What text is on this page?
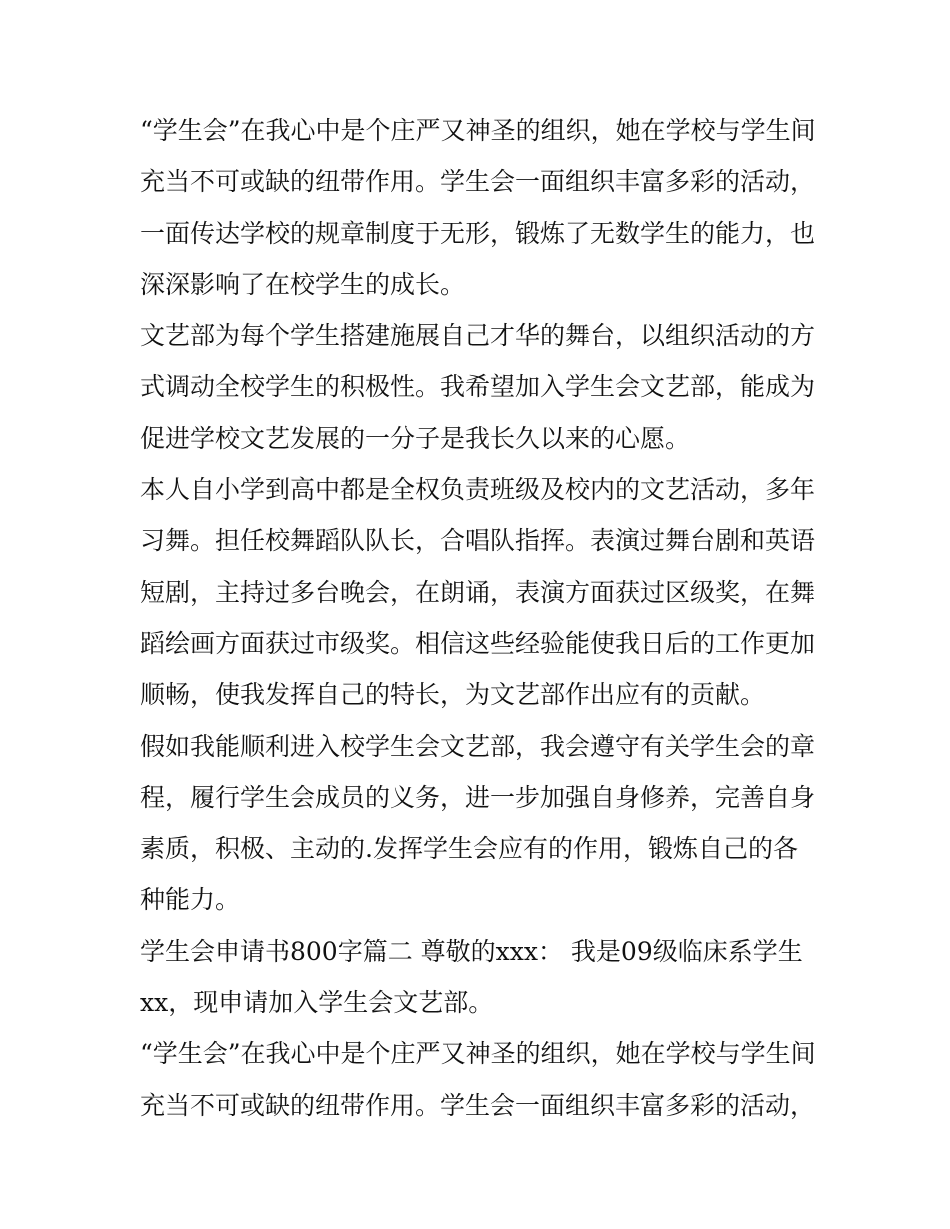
“学生会”在我心中是个庄严又神圣的组织，她在学校与学生间
充当不可或缺的纽带作用。学生会一面组织丰富多彩的活动，
一面传达学校的规章制度于无形，锻炼了无数学生的能力，也
深深影响了在校学生的成长。
文艺部为每个学生搭建施展自己才华的舞台，以组织活动的方
式调动全校学生的积极性。我希望加入学生会文艺部，能成为
促进学校文艺发展的一分子是我长久以来的心愿。
本人自小学到高中都是全权负责班级及校内的文艺活动，多年
习舞。担任校舞蹈队队长，合唱队指挥。表演过舞台剧和英语
短剧，主持过多台晚会，在朗诵，表演方面获过区级奖，在舞
蹈绘画方面获过市级奖。相信这些经验能使我日后的工作更加
顺畅，使我发挥自己的特长，为文艺部作出应有的贡献。
假如我能顺利进入校学生会文艺部，我会遵守有关学生会的章
程，履行学生会成员的义务，进一步加强自身修养，完善自身
素质，积极、主动的.发挥学生会应有的作用，锻炼自己的各
种能力。
学生会申请书800字篇二 尊敬的xxx： 我是09级临床系学生
xx，现申请加入学生会文艺部。
“学生会”在我心中是个庄严又神圣的组织，她在学校与学生间
充当不可或缺的纽带作用。学生会一面组织丰富多彩的活动，
